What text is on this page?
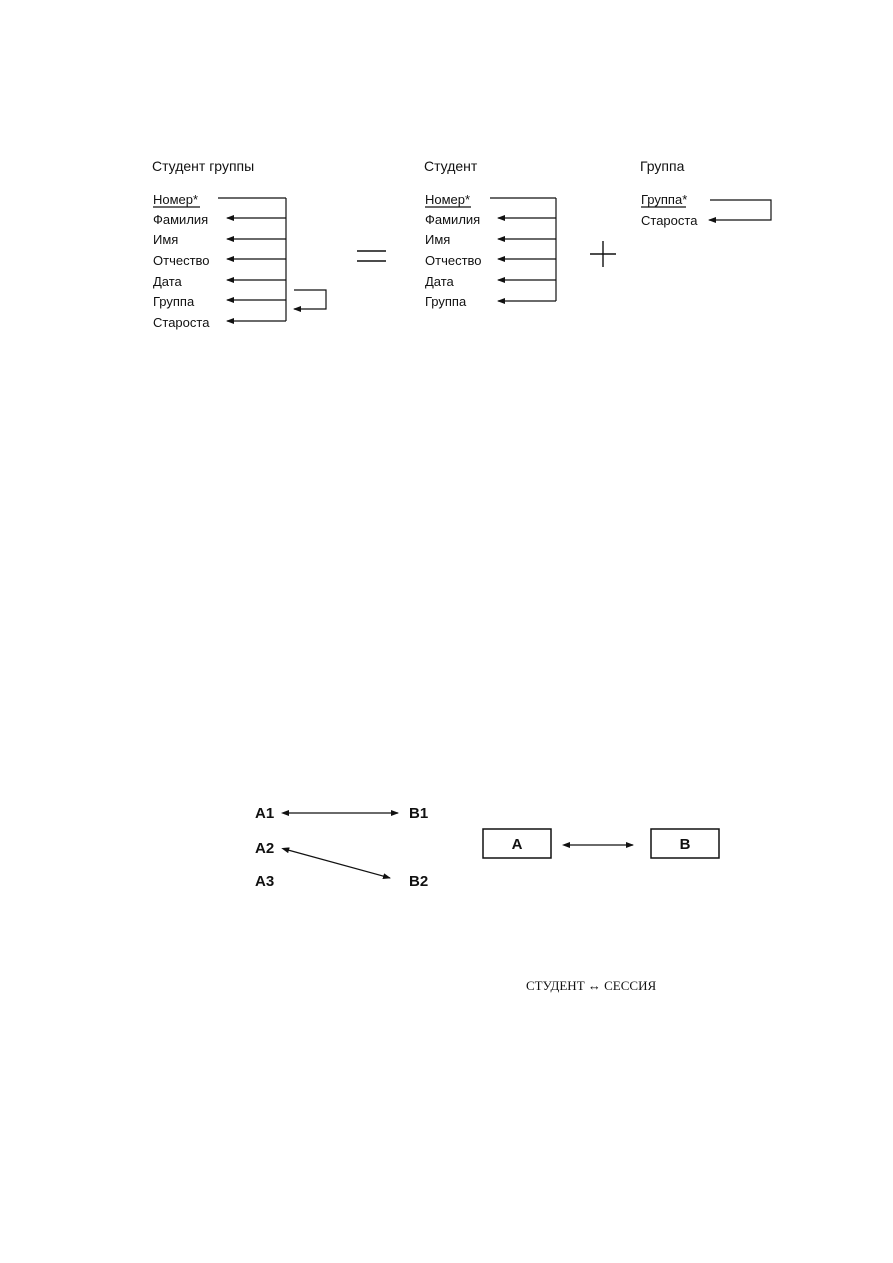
Студент группы
Номер*
Фамилия
Имя
Отчество
Дата
Группа
Староста
Студент
Номер*
Фамилия
Имя
Отчество
Дата
Группа
Группа
Группа*
Староста
A1
A2
A3
B1
B2
A	B
СТУДЕНТ ↔ СЕССИЯ
